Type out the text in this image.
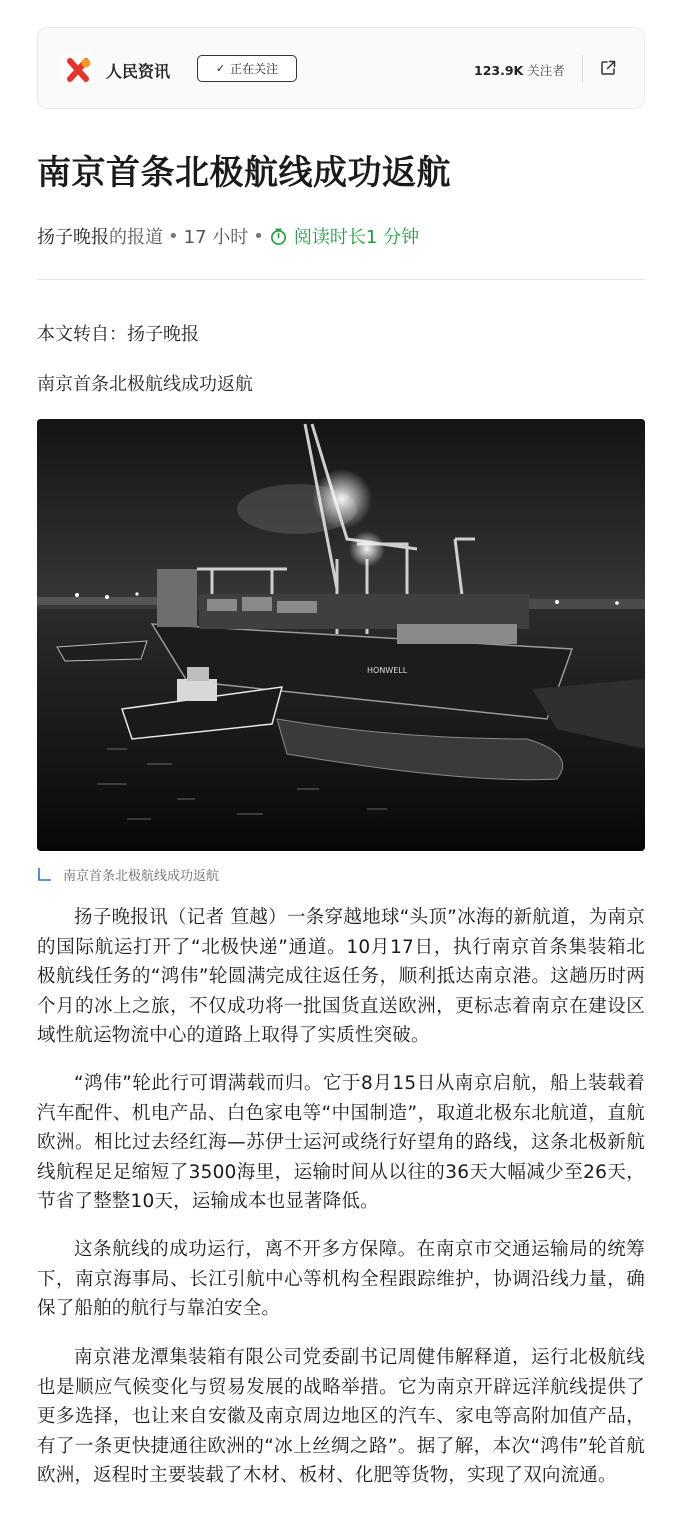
人民资讯	✓ 正在关注	123.9K 关注者
南京首条北极航线成功返航
扬子晚报 的报道 • 17 小时 • 阅读时长1 分钟

本文转自：扬子晚报

南京首条北极航线成功返航

HONWELL
南京首条北极航线成功返航

扬子晚报讯（记者 笪越）一条穿越地球“头顶”冰海的新航道，为南京的国际航运打开了“北极快递”通道。10月17日，执行南京首条集装箱北极航线任务的“鸿伟”轮圆满完成往返任务，顺利抵达南京港。这趟历时两个月的冰上之旅，不仅成功将一批国货直送欧洲，更标志着南京在建设区域性航运物流中心的道路上取得了实质性突破。

“鸿伟”轮此行可谓满载而归。它于8月15日从南京启航，船上装载着汽车配件、机电产品、白色家电等“中国制造”，取道北极东北航道，直航欧洲。相比过去经红海—苏伊士运河或绕行好望角的路线，这条北极新航线航程足足缩短了3500海里，运输时间从以往的36天大幅减少至26天，节省了整整10天，运输成本也显著降低。

这条航线的成功运行，离不开多方保障。在南京市交通运输局的统筹下，南京海事局、长江引航中心等机构全程跟踪维护，协调沿线力量，确保了船舶的航行与靠泊安全。

南京港龙潭集装箱有限公司党委副书记周健伟解释道，运行北极航线也是顺应气候变化与贸易发展的战略举措。它为南京开辟远洋航线提供了更多选择，也让来自安徽及南京周边地区的汽车、家电等高附加值产品，有了一条更快捷通往欧洲的“冰上丝绸之路”。据了解，本次“鸿伟”轮首航欧洲，返程时主要装载了木材、板材、化肥等货物，实现了双向流通。
